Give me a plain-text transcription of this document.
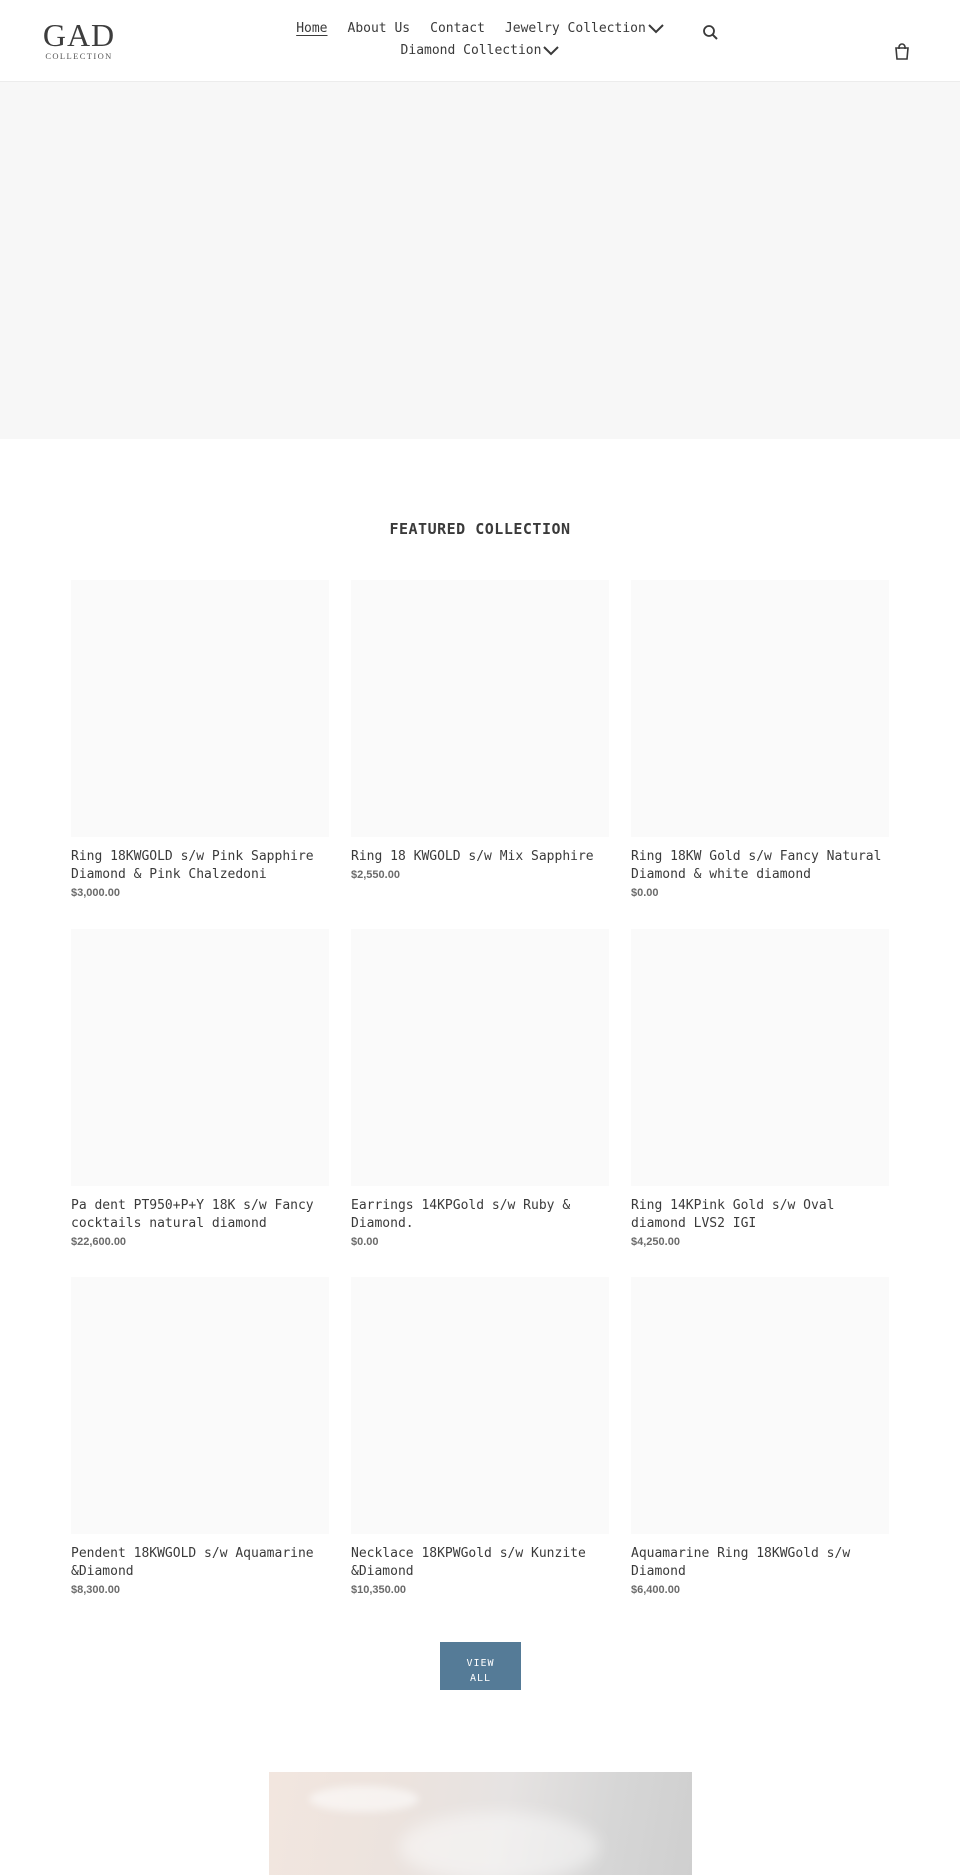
GAD
COLLECTION
Home About Us Contact Jewelry Collection
Diamond Collection
FEATURED COLLECTION
Ring 18KWGOLD s/w Pink Sapphire Diamond & Pink Chalzedoni
$3,000.00
Ring 18 KWGOLD s/w Mix Sapphire
$2,550.00
Ring 18KW Gold s/w Fancy Natural Diamond & white diamond
$0.00
Pa dent PT950+P+Y 18K s/w Fancy cocktails natural diamond
$22,600.00
Earrings 14KPGold s/w Ruby & Diamond.
$0.00
Ring 14KPink Gold s/w Oval diamond LVS2 IGI
$4,250.00
Pendent 18KWGOLD s/w Aquamarine &Diamond
$8,300.00
Necklace 18KPWGold s/w Kunzite &Diamond
$10,350.00
Aquamarine Ring 18KWGold s/w Diamond
$6,400.00
VIEW
ALL
